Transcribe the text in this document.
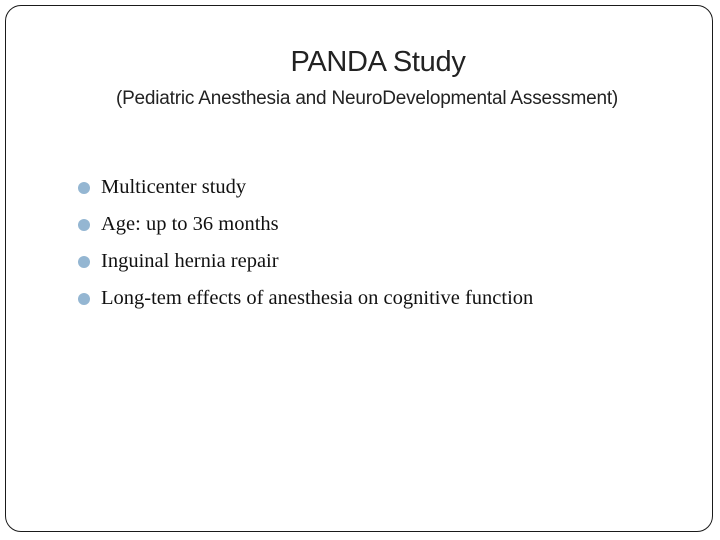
PANDA Study
(Pediatric Anesthesia and NeuroDevelopmental Assessment)
Multicenter study
Age: up to 36 months
Inguinal hernia repair
Long-tem effects of anesthesia on cognitive function
